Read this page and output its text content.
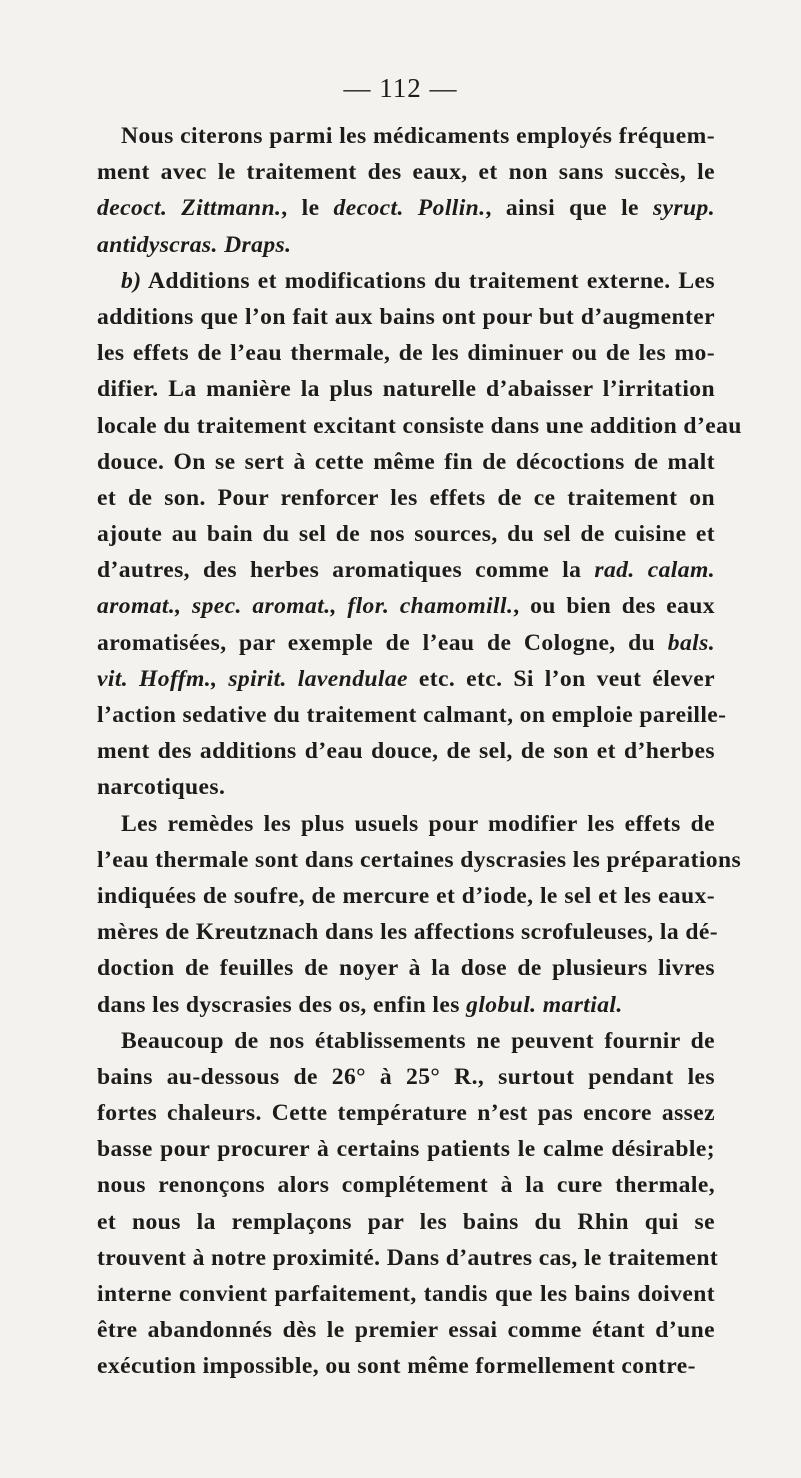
— 112 —
Nous citerons parmi les médicaments employés fréquem-
ment avec le traitement des eaux, et non sans succès, le
decoct. Zittmann., le decoct. Pollin., ainsi que le syrup.
antidyscras. Draps.
b) Additions et modifications du traitement externe. Les
additions que l’on fait aux bains ont pour but d’augmenter
les effets de l’eau thermale, de les diminuer ou de les mo-
difier. La manière la plus naturelle d’abaisser l’irritation
locale du traitement excitant consiste dans une addition d’eau
douce. On se sert à cette même fin de décoctions de malt
et de son. Pour renforcer les effets de ce traitement on
ajoute au bain du sel de nos sources, du sel de cuisine et
d’autres, des herbes aromatiques comme la rad. calam.
aromat., spec. aromat., flor. chamomill., ou bien des eaux
aromatisées, par exemple de l’eau de Cologne, du bals.
vit. Hoffm., spirit. lavendulae etc. etc. Si l’on veut élever
l’action sedative du traitement calmant, on emploie pareille-
ment des additions d’eau douce, de sel, de son et d’herbes
narcotiques.
Les remèdes les plus usuels pour modifier les effets de
l’eau thermale sont dans certaines dyscrasies les préparations
indiquées de soufre, de mercure et d’iode, le sel et les eaux-
mères de Kreutznach dans les affections scrofuleuses, la dé-
doction de feuilles de noyer à la dose de plusieurs livres
dans les dyscrasies des os, enfin les globul. martial.
Beaucoup de nos établissements ne peuvent fournir de
bains au-dessous de 26° à 25° R., surtout pendant les
fortes chaleurs. Cette température n’est pas encore assez
basse pour procurer à certains patients le calme désirable;
nous renonçons alors complétement à la cure thermale,
et nous la remplaçons par les bains du Rhin qui se
trouvent à notre proximité. Dans d’autres cas, le traitement
interne convient parfaitement, tandis que les bains doivent
être abandonnés dès le premier essai comme étant d’une
exécution impossible, ou sont même formellement contre-
